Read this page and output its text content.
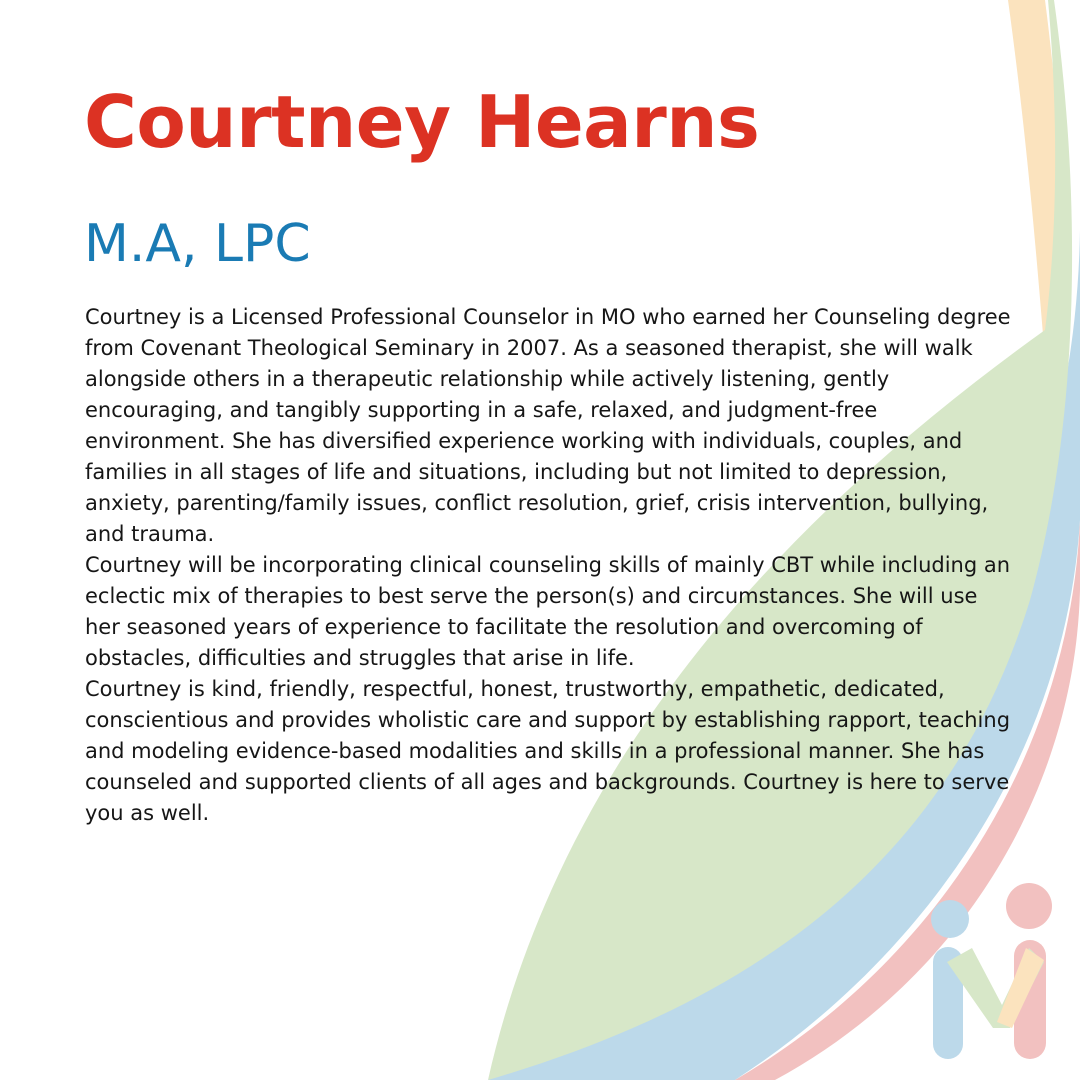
Courtney Hearns
M.A, LPC

Courtney is a Licensed Professional Counselor in MO who earned her Counseling degree from Covenant Theological Seminary in 2007. As a seasoned therapist, she will walk alongside others in a therapeutic relationship while actively listening, gently encouraging, and tangibly supporting in a safe, relaxed, and judgment-free environment. She has diversified experience working with individuals, couples, and families in all stages of life and situations, including but not limited to depression, anxiety, parenting/family issues, conflict resolution, grief, crisis intervention, bullying, and trauma.

Courtney will be incorporating clinical counseling skills of mainly CBT while including an eclectic mix of therapies to best serve the person(s) and circumstances. She will use her seasoned years of experience to facilitate the resolution and overcoming of obstacles, difficulties and struggles that arise in life.

Courtney is kind, friendly, respectful, honest, trustworthy, empathetic, dedicated, conscientious and provides wholistic care and support by establishing rapport, teaching and modeling evidence-based modalities and skills in a professional manner. She has counseled and supported clients of all ages and backgrounds. Courtney is here to serve you as well.
